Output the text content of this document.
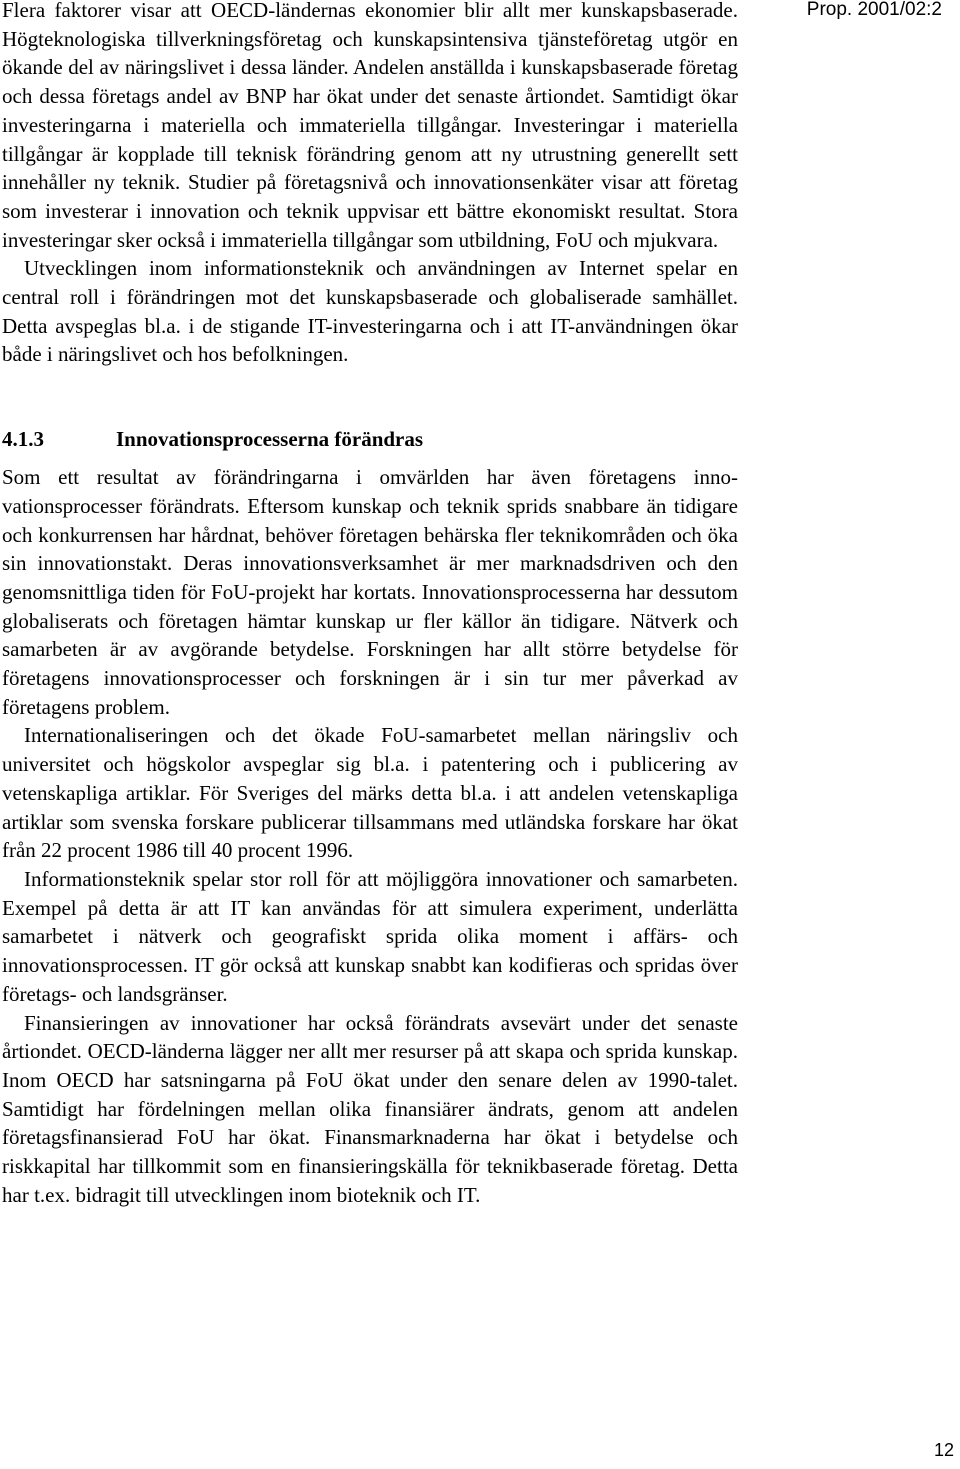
Flera faktorer visar att OECD-ländernas ekonomier blir allt mer kunskapsbaserade. Högteknologiska tillverkningsföretag och kunskapsintensiva tjänsteföretag utgör en ökande del av näringslivet i dessa länder. Andelen anställda i kunskapsbaserade företag och dessa företags andel av BNP har ökat under det senaste årtiondet. Samtidigt ökar investeringarna i materiella och immateriella tillgångar. Investeringar i materiella tillgångar är kopplade till teknisk förändring genom att ny utrustning generellt sett innehåller ny teknik. Studier på företagsnivå och innovationsenkäter visar att företag som investerar i innovation och teknik uppvisar ett bättre ekonomiskt resultat. Stora investeringar sker också i immateriella tillgångar som utbildning, FoU och mjukvara.

Utvecklingen inom informationsteknik och användningen av Internet spelar en central roll i förändringen mot det kunskapsbaserade och globaliserade samhället. Detta avspeglas bl.a. i de stigande IT-investeringarna och i att IT-användningen ökar både i näringslivet och hos befolkningen.

4.1.3	Innovationsprocesserna förändras

Som ett resultat av förändringarna i omvärlden har även företagens innovationsprocesser förändrats. Eftersom kunskap och teknik sprids snabbare än tidigare och konkurrensen har hårdnat, behöver företagen behärska fler teknikområden och öka sin innovationstakt. Deras innovationsverksamhet är mer marknadsdriven och den genomsnittliga tiden för FoU-projekt har kortats. Innovationsprocesserna har dessutom globaliserats och företagen hämtar kunskap ur fler källor än tidigare. Nätverk och samarbeten är av avgörande betydelse. Forskningen har allt större betydelse för företagens innovationsprocesser och forskningen är i sin tur mer påverkad av företagens problem.

Internationaliseringen och det ökade FoU-samarbetet mellan näringsliv och universitet och högskolor avspeglar sig bl.a. i patentering och i publicering av vetenskapliga artiklar. För Sveriges del märks detta bl.a. i att andelen vetenskapliga artiklar som svenska forskare publicerar tillsammans med utländska forskare har ökat från 22 procent 1986 till 40 procent 1996.

Informationsteknik spelar stor roll för att möjliggöra innovationer och samarbeten. Exempel på detta är att IT kan användas för att simulera experiment, underlätta samarbetet i nätverk och geografiskt sprida olika moment i affärs- och innovationsprocessen. IT gör också att kunskap snabbt kan kodifieras och spridas över företags- och landsgränser.

Finansieringen av innovationer har också förändrats avsevärt under det senaste årtiondet. OECD-länderna lägger ner allt mer resurser på att skapa och sprida kunskap. Inom OECD har satsningarna på FoU ökat under den senare delen av 1990-talet. Samtidigt har fördelningen mellan olika finansiärer ändrats, genom att andelen företagsfinansierad FoU har ökat. Finansmarknaderna har ökat i betydelse och riskkapital har tillkommit som en finansieringskälla för teknikbaserade företag. Detta har t.ex. bidragit till utvecklingen inom bioteknik och IT.

Prop. 2001/02:2
12
